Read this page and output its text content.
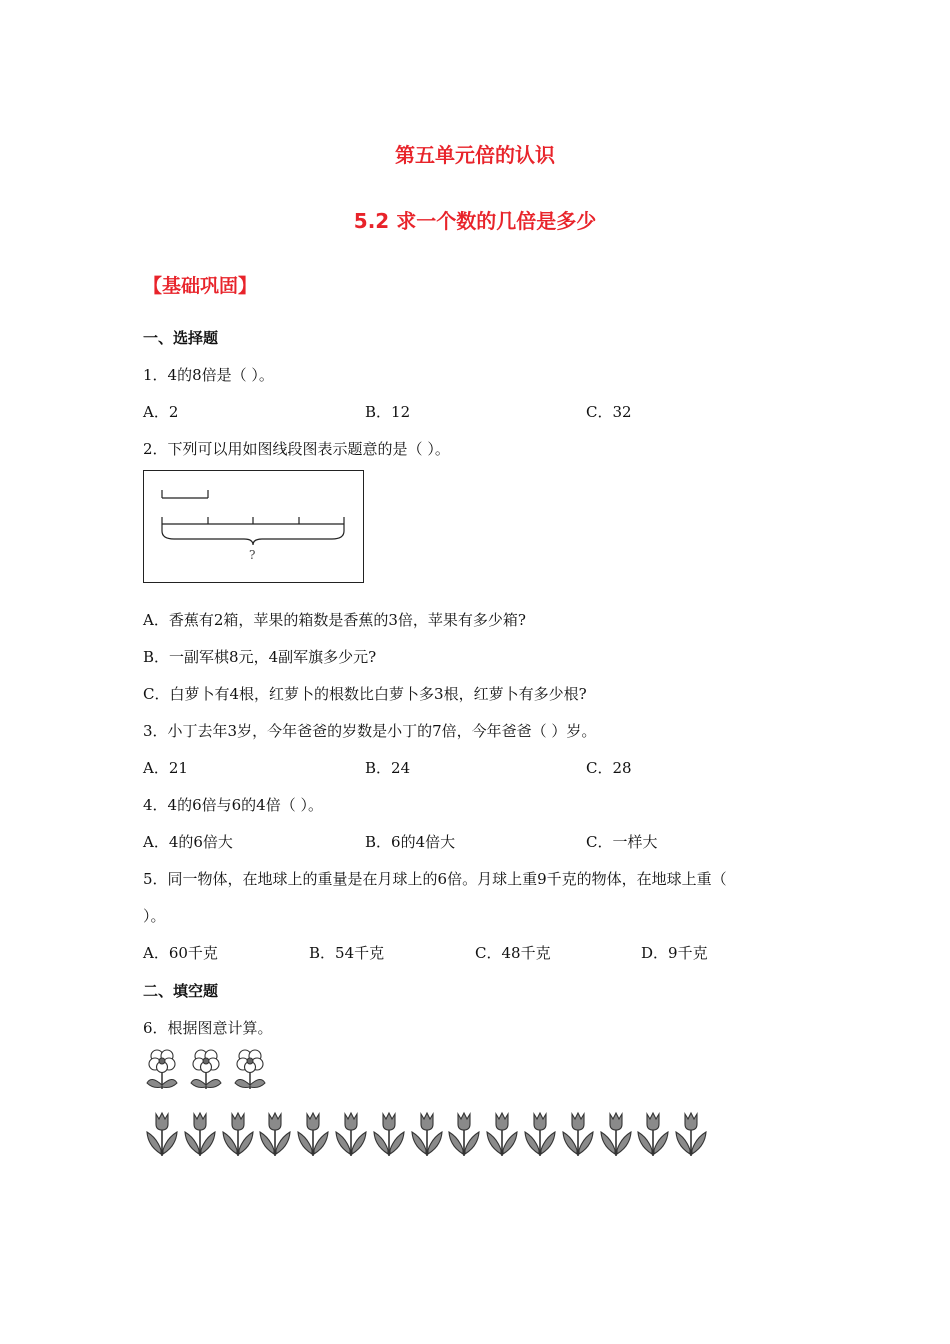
第五单元倍的认识
5.2 求一个数的几倍是多少
【基础巩固】
一、选择题
1．4的8倍是（ ）。
A．2	B．12	C．32
2．下列可以用如图线段图表示题意的是（ ）。
?
A．香蕉有2箱，苹果的箱数是香蕉的3倍，苹果有多少箱?
B．一副军棋8元，4副军旗多少元?
C．白萝卜有4根，红萝卜的根数比白萝卜多3根，红萝卜有多少根?
3．小丁去年3岁，今年爸爸的岁数是小丁的7倍，今年爸爸（ ）岁。
A．21	B．24	C．28
4．4的6倍与6的4倍（ ）。
A．4的6倍大	B．6的4倍大	C．一样大
5．同一物体，在地球上的重量是在月球上的6倍。月球上重9千克的物体，在地球上重（
）。
A．60千克	B．54千克	C．48千克	D．9千克
二、填空题
6．根据图意计算。
